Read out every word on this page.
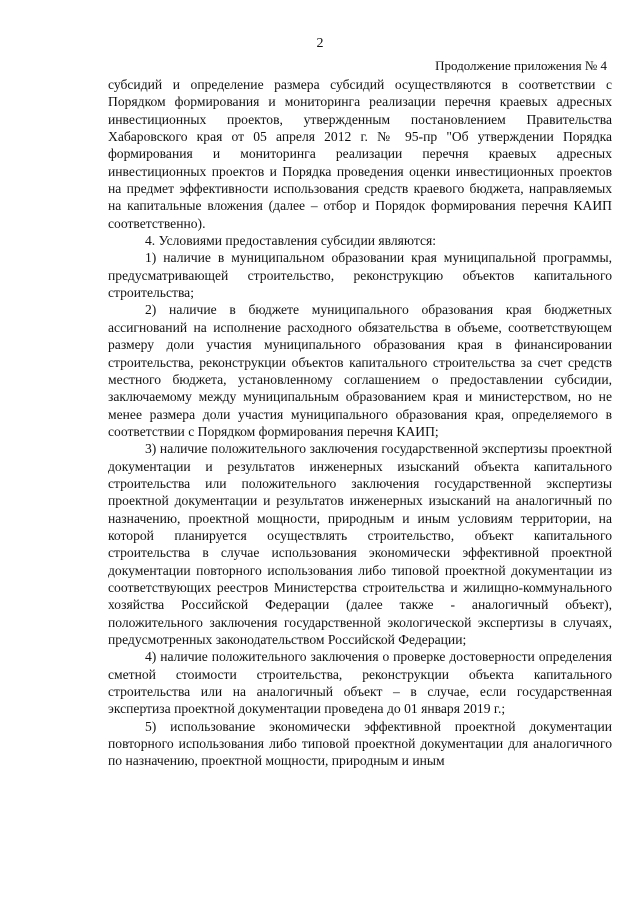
2
Продолжение приложения № 4

субсидий и определение размера субсидий осуществляются в соответствии с Порядком формирования и мониторинга реализации перечня краевых адресных инвестиционных проектов, утвержденным постановлением Правительства Хабаровского края от 05 апреля 2012 г. № 95-пр "Об утверждении Порядка формирования и мониторинга реализации перечня краевых адресных инвестиционных проектов и Порядка проведения оценки инвестиционных проектов на предмет эффективности использования средств краевого бюджета, направляемых на капитальные вложения (далее – отбор и Порядок формирования перечня КАИП соответственно).

4. Условиями предоставления субсидии являются:

1) наличие в муниципальном образовании края муниципальной программы, предусматривающей строительство, реконструкцию объектов капитального строительства;

2) наличие в бюджете муниципального образования края бюджетных ассигнований на исполнение расходного обязательства в объеме, соответствующем размеру доли участия муниципального образования края в финансировании строительства, реконструкции объектов капитального строительства за счет средств местного бюджета, установленному соглашением о предоставлении субсидии, заключаемому между муниципальным образованием края и министерством, но не менее размера доли участия муниципального образования края, определяемого в соответствии с Порядком формирования перечня КАИП;

3) наличие положительного заключения государственной экспертизы проектной документации и результатов инженерных изысканий объекта капитального строительства или положительного заключения государственной экспертизы проектной документации и результатов инженерных изысканий на аналогичный по назначению, проектной мощности, природным и иным условиям территории, на которой планируется осуществлять строительство, объект капитального строительства в случае использования экономически эффективной проектной документации повторного использования либо типовой проектной документации из соответствующих реестров Министерства строительства и жилищно-коммунального хозяйства Российской Федерации (далее также - аналогичный объект), положительного заключения государственной экологической экспертизы в случаях, предусмотренных законодательством Российской Федерации;

4) наличие положительного заключения о проверке достоверности определения сметной стоимости строительства, реконструкции объекта капитального строительства или на аналогичный объект – в случае, если государственная экспертиза проектной документации проведена до 01 января 2019 г.;

5) использование экономически эффективной проектной документации повторного использования либо типовой проектной документации для аналогичного по назначению, проектной мощности, природным и иным
